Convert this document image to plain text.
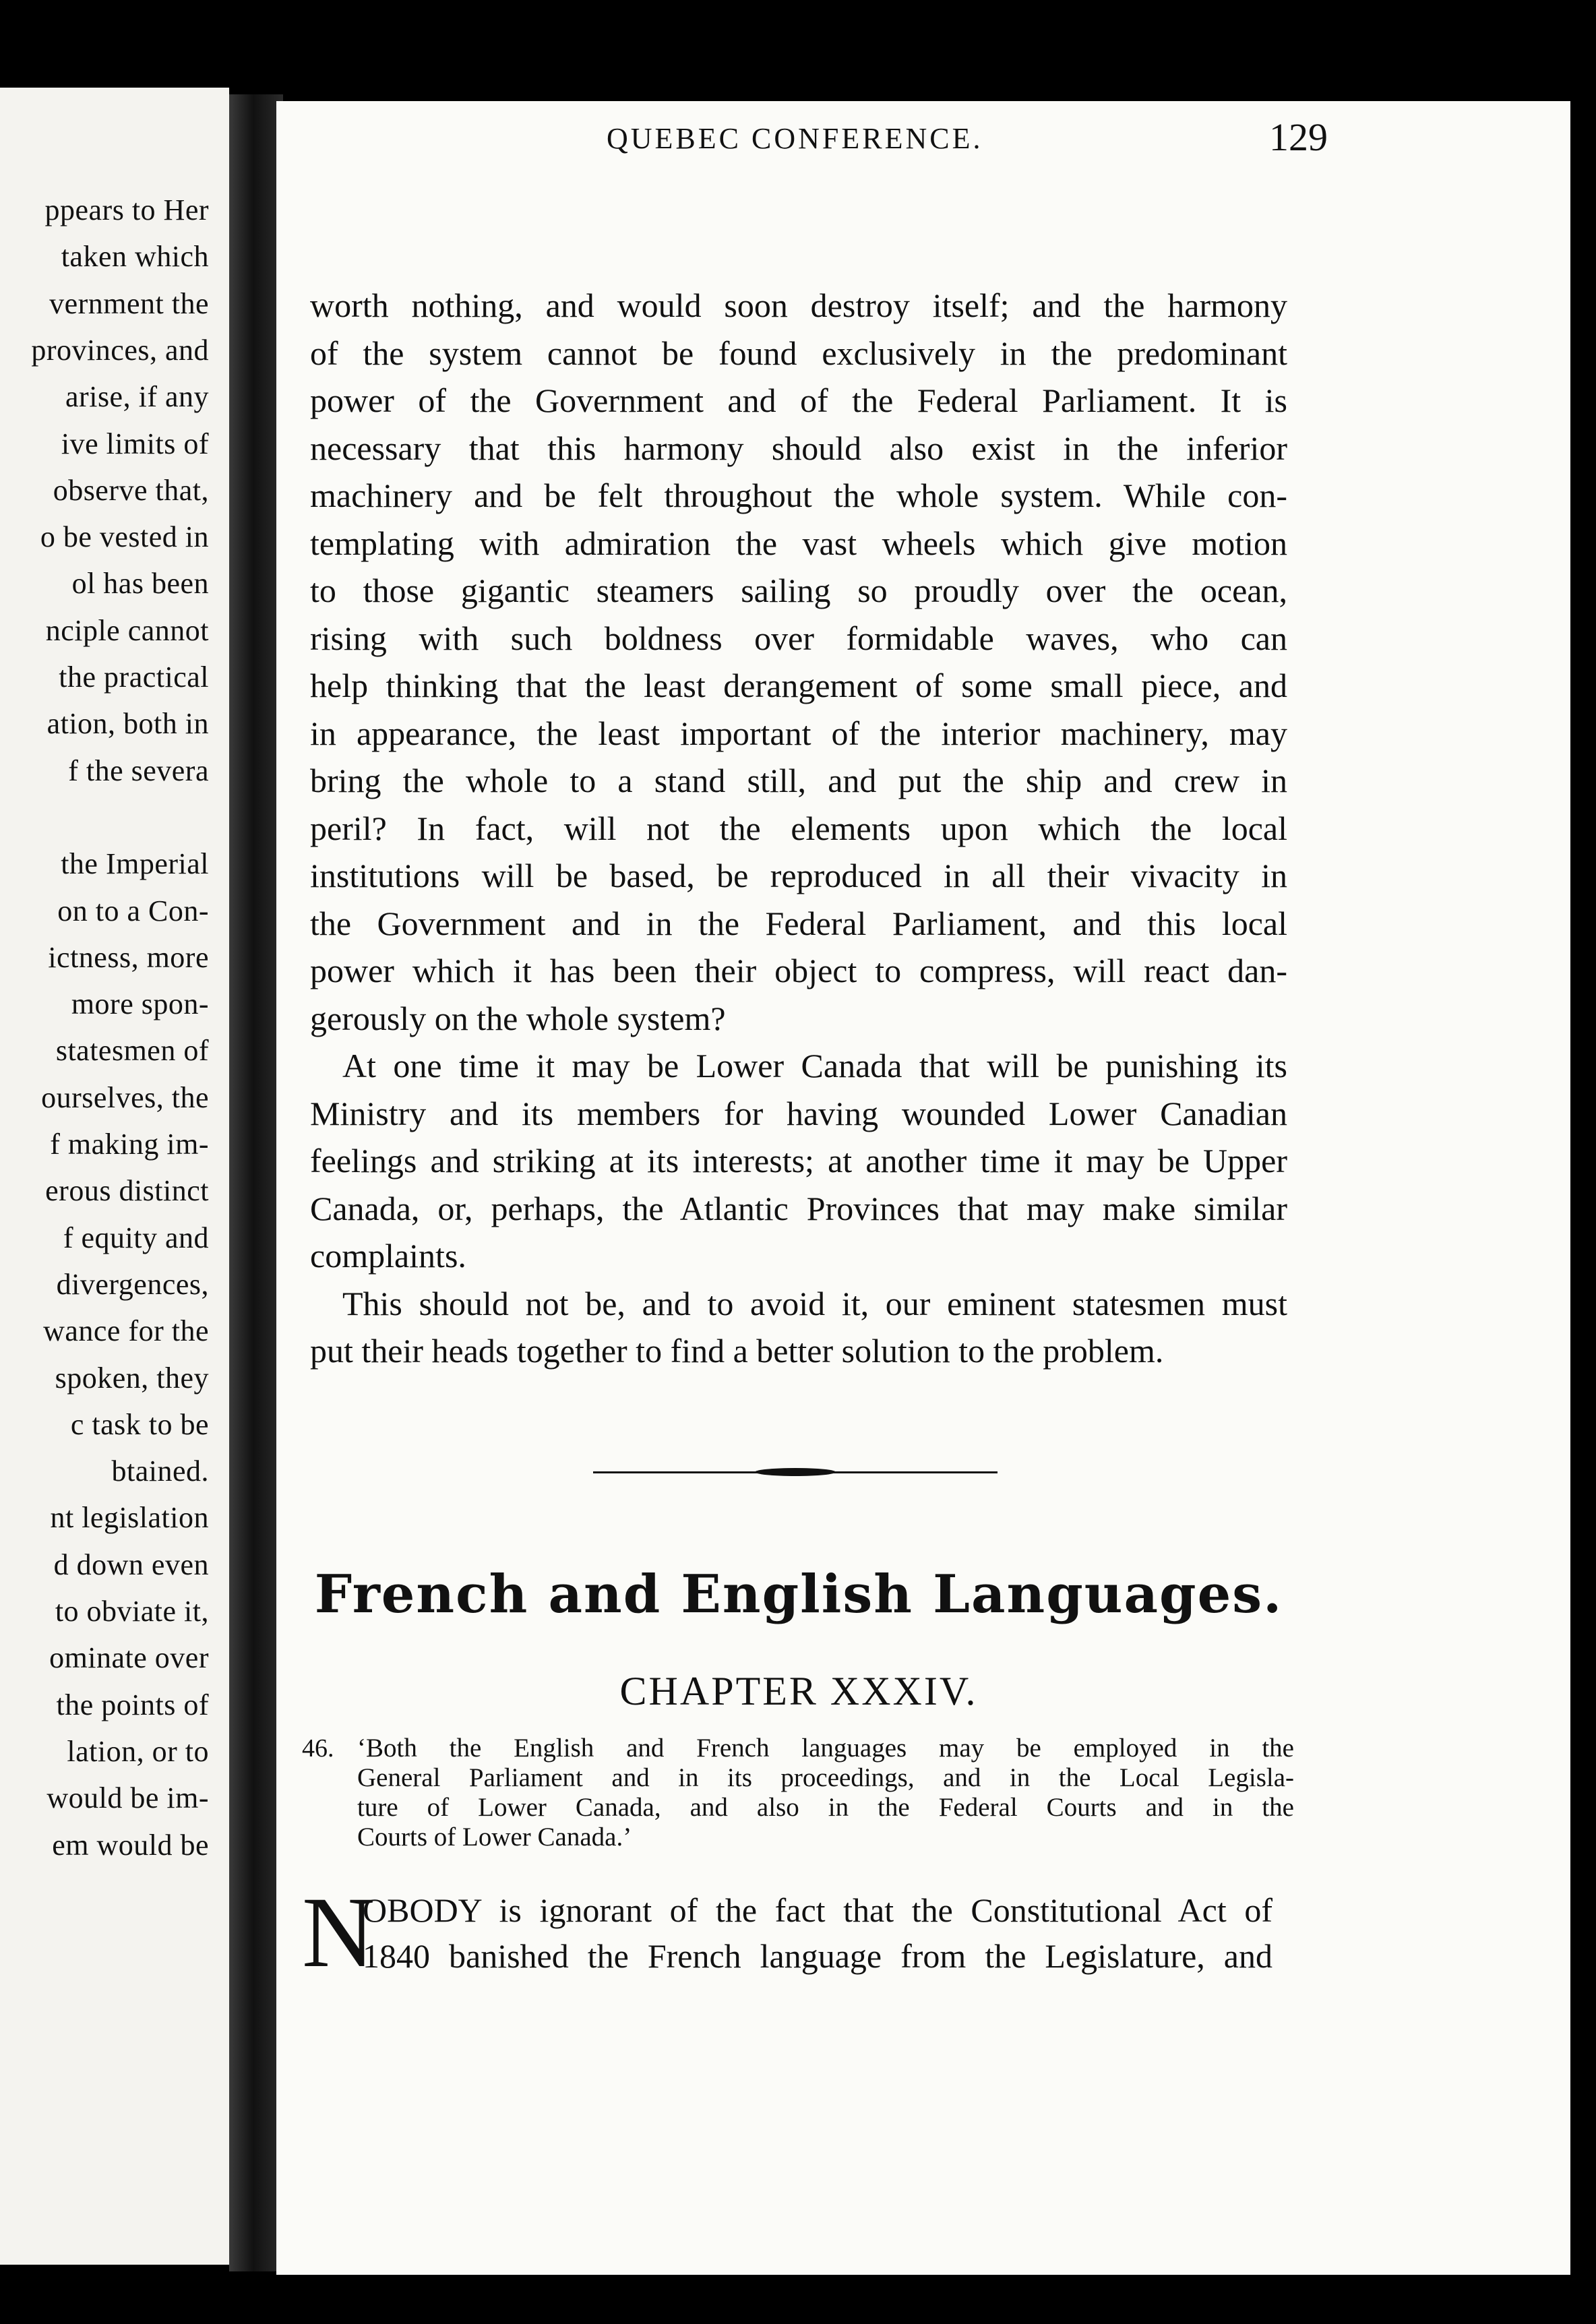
ppears to Her
taken which
vernment the
provinces, and
arise, if any
ive limits of
observe that,
o be vested in
ol has been
nciple cannot
the practical
ation, both in
f the severa
the Imperial
on to a Con-
ictness, more
more spon-
statesmen of
ourselves, the
f making im-
erous distinct
f equity and
divergences,
wance for the
spoken, they
c task to be
btained.
nt legislation
d down even
to obviate it,
ominate over
the points of
lation, or to
would be im-
em would be
QUEBEC CONFERENCE.	129
worth nothing, and would soon destroy itself; and the harmony
of the system cannot be found exclusively in the predominant
power of the Government and of the Federal Parliament. It is
necessary that this harmony should also exist in the inferior
machinery and be felt throughout the whole system. While con-
templating with admiration the vast wheels which give motion
to those gigantic steamers sailing so proudly over the ocean,
rising with such boldness over formidable waves, who can
help thinking that the least derangement of some small piece, and
in appearance, the least important of the interior machinery, may
bring the whole to a stand still, and put the ship and crew in
peril? In fact, will not the elements upon which the local
institutions will be based, be reproduced in all their vivacity in
the Government and in the Federal Parliament, and this local
power which it has been their object to compress, will react dan-
gerously on the whole system?
At one time it may be Lower Canada that will be punishing its
Ministry and its members for having wounded Lower Canadian
feelings and striking at its interests; at another time it may be Upper
Canada, or, perhaps, the Atlantic Provinces that may make similar
complaints.
This should not be, and to avoid it, our eminent statesmen must
put their heads together to find a better solution to the problem.
French and English Languages.
CHAPTER XXXIV.
46. ‘Both the English and French languages may be employed in the
General Parliament and in its proceedings, and in the Local Legisla-
ture of Lower Canada, and also in the Federal Courts and in the
Courts of Lower Canada.’
N
OBODY is ignorant of the fact that the Constitutional Act of
1840 banished the French language from the Legislature, and
